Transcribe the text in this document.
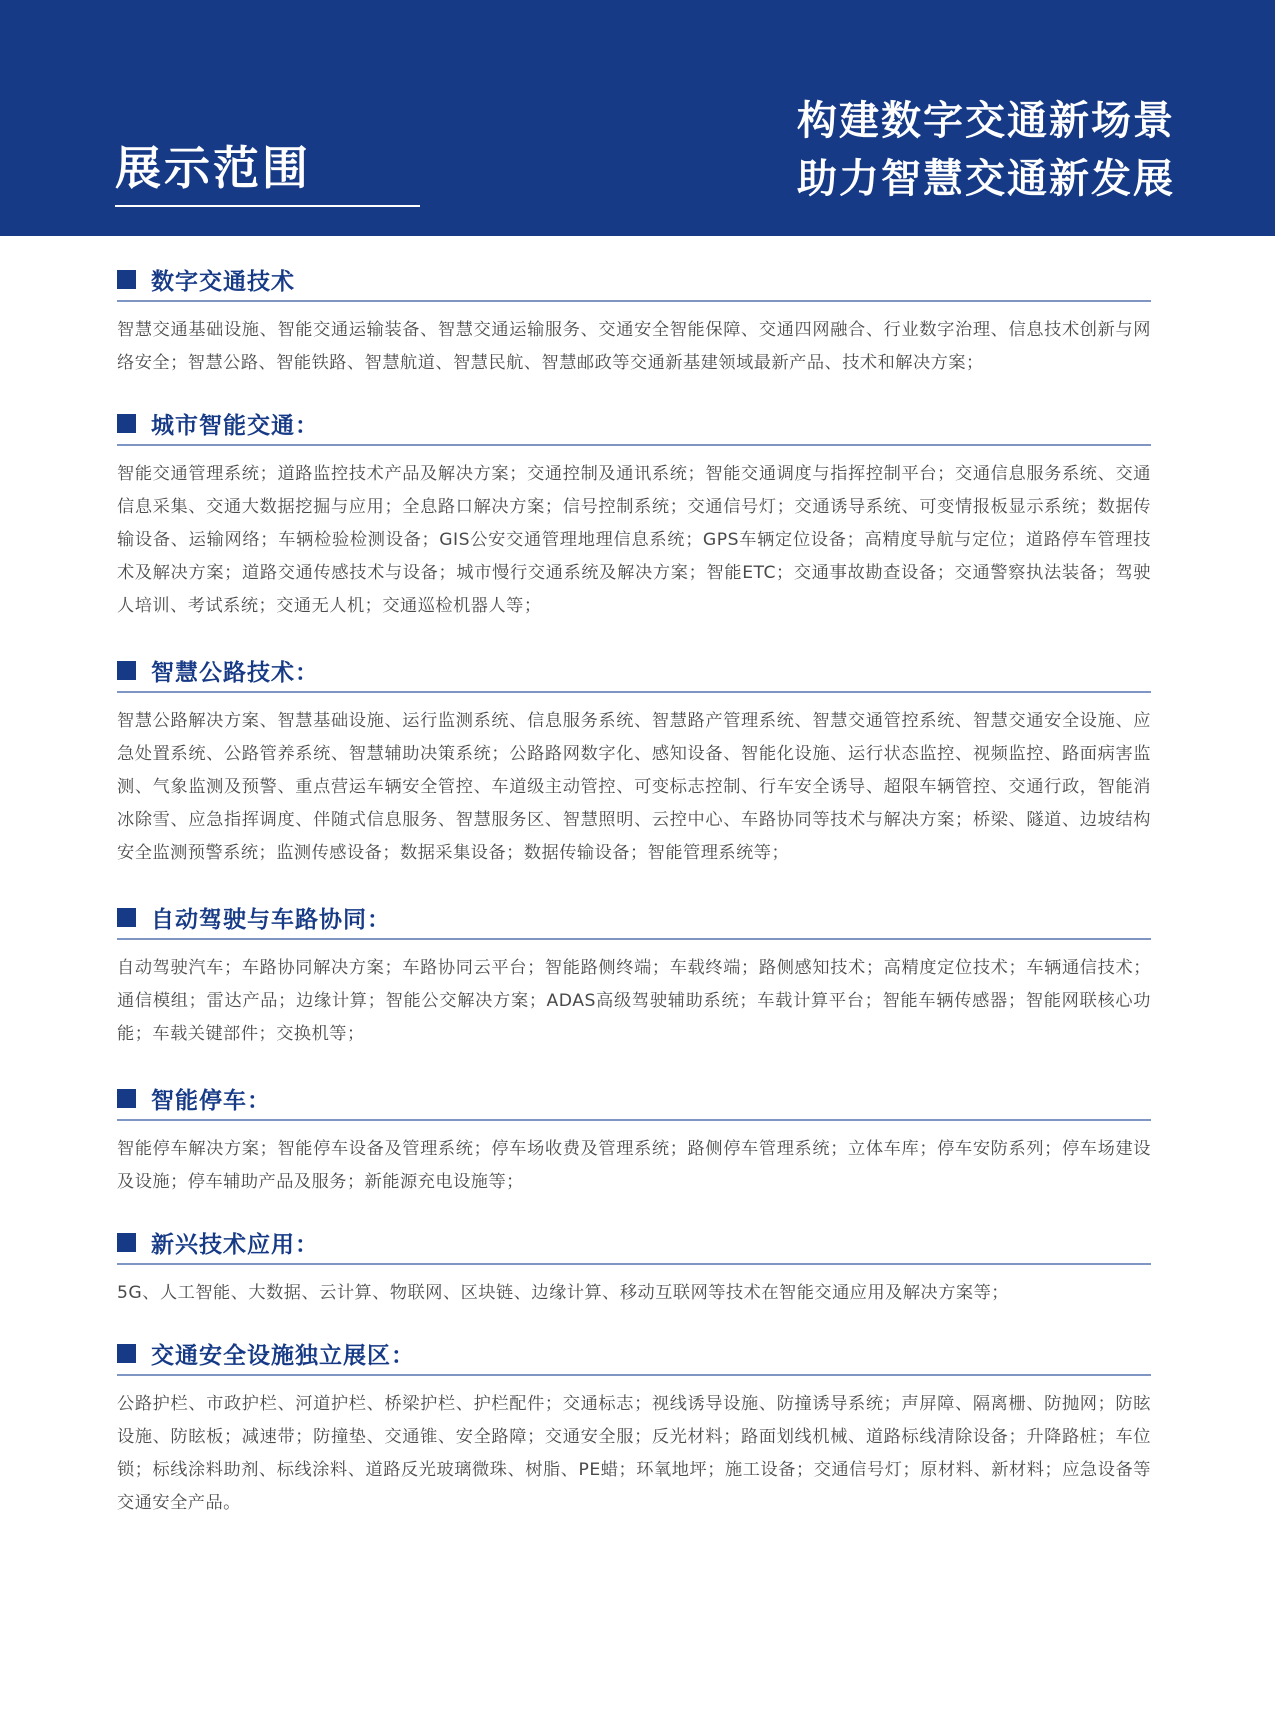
展示范围
构建数字交通新场景
助力智慧交通新发展
数字交通技术

智慧交通基础设施、智能交通运输装备、智慧交通运输服务、交通安全智能保障、交通四网融合、行业数字治理、信息技术创新与网络安全；智慧公路、智能铁路、智慧航道、智慧民航、智慧邮政等交通新基建领域最新产品、技术和解决方案；

城市智能交通：

智能交通管理系统；道路监控技术产品及解决方案；交通控制及通讯系统；智能交通调度与指挥控制平台；交通信息服务系统、交通信息采集、交通大数据挖掘与应用；全息路口解决方案；信号控制系统；交通信号灯；交通诱导系统、可变情报板显示系统；数据传输设备、运输网络；车辆检验检测设备；GIS公安交通管理地理信息系统；GPS车辆定位设备；高精度导航与定位；道路停车管理技术及解决方案；道路交通传感技术与设备；城市慢行交通系统及解决方案；智能ETC；交通事故勘查设备；交通警察执法装备；驾驶人培训、考试系统；交通无人机；交通巡检机器人等；

智慧公路技术：

智慧公路解决方案、智慧基础设施、运行监测系统、信息服务系统、智慧路产管理系统、智慧交通管控系统、智慧交通安全设施、应急处置系统、公路管养系统、智慧辅助决策系统；公路路网数字化、感知设备、智能化设施、运行状态监控、视频监控、路面病害监测、气象监测及预警、重点营运车辆安全管控、车道级主动管控、可变标志控制、行车安全诱导、超限车辆管控、交通行政，智能消冰除雪、应急指挥调度、伴随式信息服务、智慧服务区、智慧照明、云控中心、车路协同等技术与解决方案；桥梁、隧道、边坡结构安全监测预警系统；监测传感设备；数据采集设备；数据传输设备；智能管理系统等；

自动驾驶与车路协同：

自动驾驶汽车；车路协同解决方案；车路协同云平台；智能路侧终端；车载终端；路侧感知技术；高精度定位技术；车辆通信技术；通信模组；雷达产品；边缘计算；智能公交解决方案；ADAS高级驾驶辅助系统；车载计算平台；智能车辆传感器；智能网联核心功能；车载关键部件；交换机等；

智能停车：

智能停车解决方案；智能停车设备及管理系统；停车场收费及管理系统；路侧停车管理系统；立体车库；停车安防系列；停车场建设及设施；停车辅助产品及服务；新能源充电设施等；

新兴技术应用：

5G、人工智能、大数据、云计算、物联网、区块链、边缘计算、移动互联网等技术在智能交通应用及解决方案等；

交通安全设施独立展区：

公路护栏、市政护栏、河道护栏、桥梁护栏、护栏配件；交通标志；视线诱导设施、防撞诱导系统；声屏障、隔离栅、防抛网；防眩设施、防眩板；减速带；防撞垫、交通锥、安全路障；交通安全服；反光材料；路面划线机械、道路标线清除设备；升降路桩；车位锁；标线涂料助剂、标线涂料、道路反光玻璃微珠、树脂、PE蜡；环氧地坪；施工设备；交通信号灯；原材料、新材料；应急设备等交通安全产品。
